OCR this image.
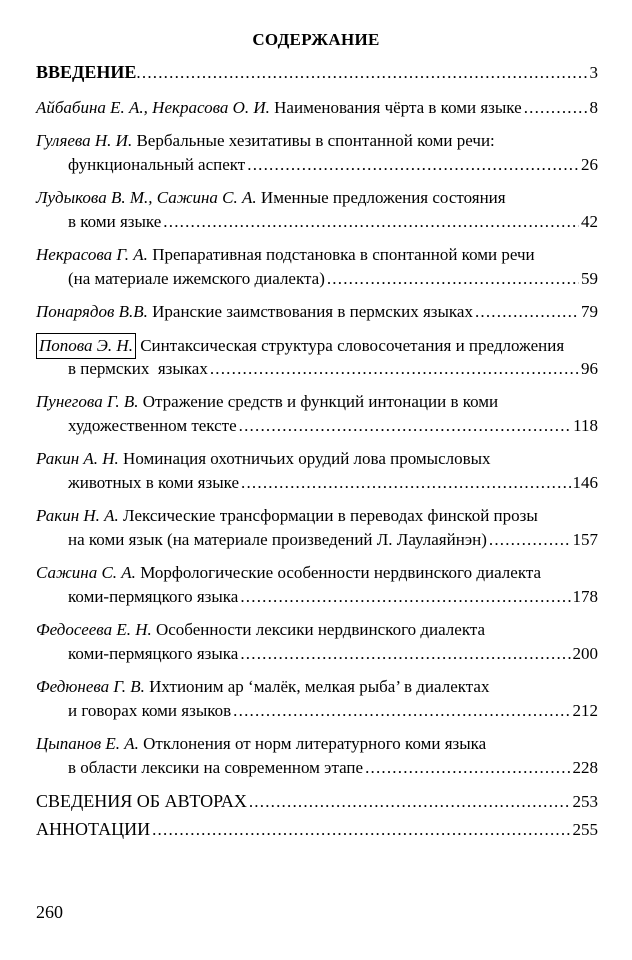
СОДЕРЖАНИЕ
ВВЕДЕНИЕ .....	3
Айбабина Е. А., Некрасова О. И.
Наименования чёрта в коми языке .....	8
Гуляева Н. И.
Вербальные хезитативы в спонтанной коми речи:
функциональный аспект .....	26
Лудыкова В. М., Сажина С. А.
Именные предложения состояния
в коми языке .....	42
Некрасова Г. А.
Препаративная подстановка в спонтанной коми речи
(на материале ижемского диалекта) .....	59
Понарядов В.В.
Иранские заимствования в пермских языках .....	79
Попова Э. Н.
Синтаксическая структура словосочетания и предложения
в пермских  языках .....	96
Пунегова Г. В.
Отражение средств и функций интонации в коми
художественном тексте .....	118
Ракин А. Н.
Номинация охотничьих орудий лова промысловых
животных в коми языке .....	146
Ракин Н. А.
Лексические трансформации в переводах финской прозы
на коми язык (на материале произведений Л. Лаулаяйнэн) .....	157
Сажина С. А.
Морфологические особенности нердвинского диалекта
коми-пермяцкого языка .....	178
Федосеева Е. Н.
Особенности лексики нердвинского диалекта
коми-пермяцкого языка .....	200
Федюнева Г. В.
Ихтионим ар ‘малёк, мелкая рыба’ в диалектах
и говорах коми языков .....	212
Цыпанов Е. А.
Отклонения от норм литературного коми языка
в области лексики на современном этапе .....	228
СВЕДЕНИЯ ОБ АВТОРАХ .....	253
АННОТАЦИИ .....	255
260
